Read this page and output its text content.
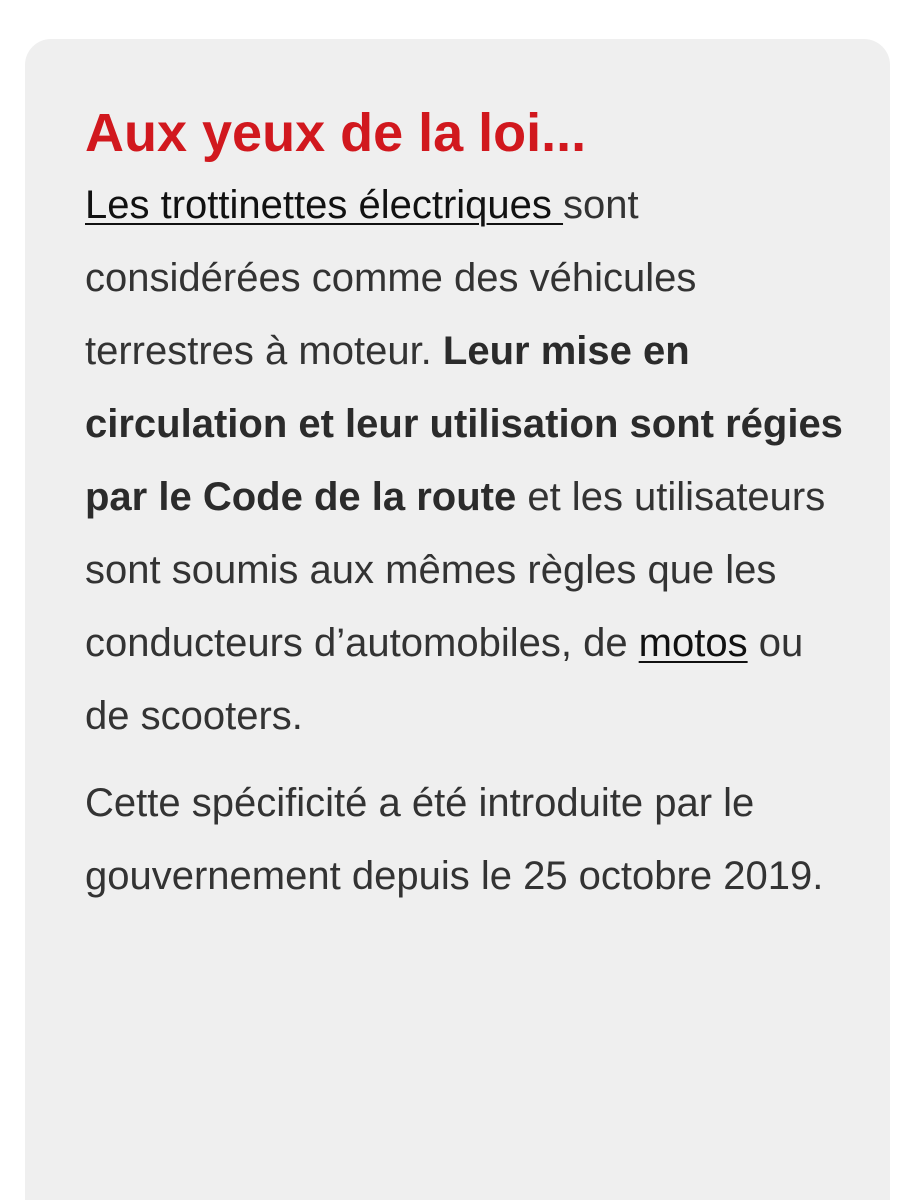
Aux yeux de la loi...

Les trottinettes électriques sont considérées comme des véhicules terrestres à moteur. Leur mise en circulation et leur utilisation sont régies par le Code de la route et les utilisateurs sont soumis aux mêmes règles que les conducteurs d’automobiles, de motos ou de scooters.

Cette spécificité a été introduite par le gouvernement depuis le 25 octobre 2019.
